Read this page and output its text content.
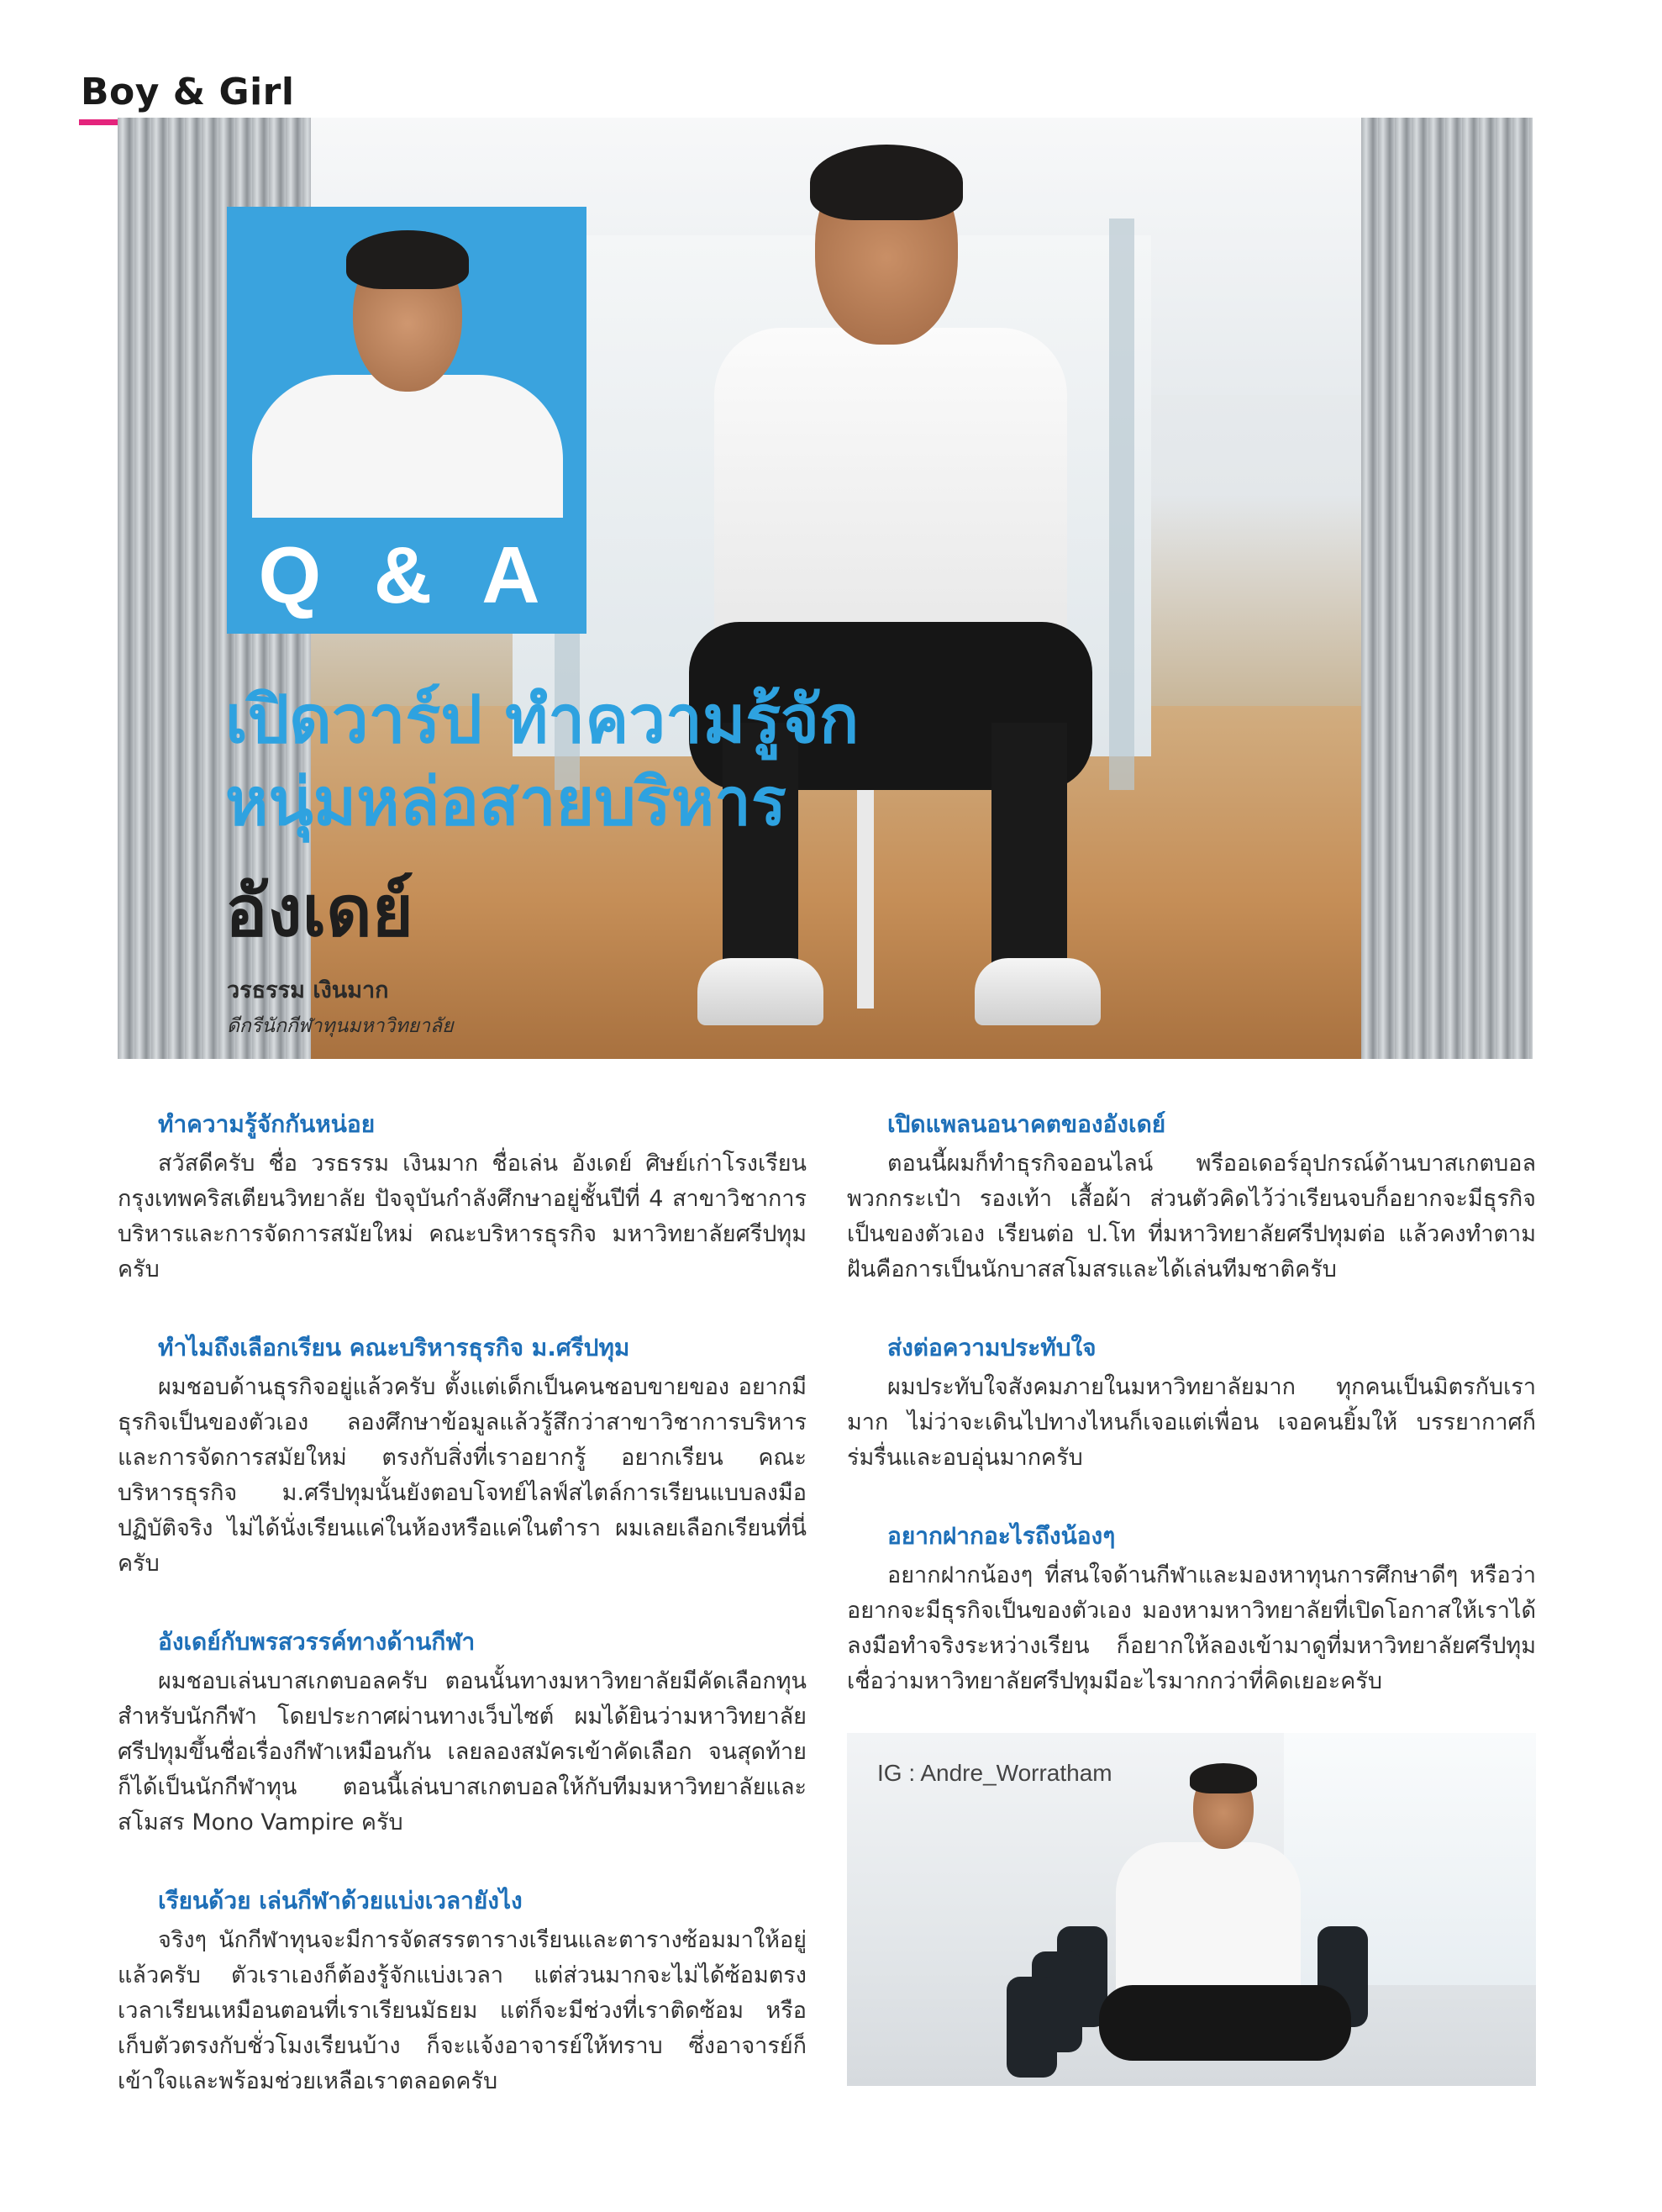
Boy & Girl
Q & A
เปิดวาร์ป ทำความรู้จัก
หนุ่มหล่อสายบริหาร
อังเดย์
วรธรรม เงินมาก
ดีกรีนักกีฬาทุนมหาวิทยาลัย

ทำความรู้จักกันหน่อย

สวัสดีครับ ชื่อ วรธรรม เงินมาก ชื่อเล่น อังเดย์ ศิษย์เก่าโรงเรียนกรุงเทพคริสเตียนวิทยาลัย ปัจจุบันกำลังศึกษาอยู่ชั้นปีที่ 4 สาขาวิชาการบริหารและการจัดการสมัยใหม่ คณะบริหารธุรกิจ มหาวิทยาลัยศรีปทุมครับ

ทำไมถึงเลือกเรียน คณะบริหารธุรกิจ ม.ศรีปทุม

ผมชอบด้านธุรกิจอยู่แล้วครับ ตั้งแต่เด็กเป็นคนชอบขายของ อยากมีธุรกิจเป็นของตัวเอง ลองศึกษาข้อมูลแล้วรู้สึกว่าสาขาวิชาการบริหารและการจัดการสมัยใหม่ ตรงกับสิ่งที่เราอยากรู้ อยากเรียน คณะบริหารธุรกิจ ม.ศรีปทุมนั้นยังตอบโจทย์ไลฟ์สไตล์การเรียนแบบลงมือปฏิบัติจริง ไม่ได้นั่งเรียนแค่ในห้องหรือแค่ในตำรา ผมเลยเลือกเรียนที่นี่ครับ

อังเดย์กับพรสวรรค์ทางด้านกีฬา

ผมชอบเล่นบาสเกตบอลครับ ตอนนั้นทางมหาวิทยาลัยมีคัดเลือกทุนสำหรับนักกีฬา โดยประกาศผ่านทางเว็บไซต์ ผมได้ยินว่ามหาวิทยาลัยศรีปทุมขึ้นชื่อเรื่องกีฬาเหมือนกัน เลยลองสมัครเข้าคัดเลือก จนสุดท้ายก็ได้เป็นนักกีฬาทุน ตอนนี้เล่นบาสเกตบอลให้กับทีมมหาวิทยาลัยและสโมสร Mono Vampire ครับ

เรียนด้วย เล่นกีฬาด้วยแบ่งเวลายังไง

จริงๆ นักกีฬาทุนจะมีการจัดสรรตารางเรียนและตารางซ้อมมาให้อยู่แล้วครับ ตัวเราเองก็ต้องรู้จักแบ่งเวลา แต่ส่วนมากจะไม่ได้ซ้อมตรงเวลาเรียนเหมือนตอนที่เราเรียนมัธยม แต่ก็จะมีช่วงที่เราติดซ้อม หรือเก็บตัวตรงกับชั่วโมงเรียนบ้าง ก็จะแจ้งอาจารย์ให้ทราบ ซึ่งอาจารย์ก็เข้าใจและพร้อมช่วยเหลือเราตลอดครับ

เปิดแพลนอนาคตของอังเดย์

ตอนนี้ผมก็ทำธุรกิจออนไลน์ พรีออเดอร์อุปกรณ์ด้านบาสเกตบอล พวกกระเป๋า รองเท้า เสื้อผ้า ส่วนตัวคิดไว้ว่าเรียนจบก็อยากจะมีธุรกิจเป็นของตัวเอง เรียนต่อ ป.โท ที่มหาวิทยาลัยศรีปทุมต่อ แล้วคงทำตามฝันคือการเป็นนักบาสสโมสรและได้เล่นทีมชาติครับ

ส่งต่อความประทับใจ

ผมประทับใจสังคมภายในมหาวิทยาลัยมาก ทุกคนเป็นมิตรกับเรามาก ไม่ว่าจะเดินไปทางไหนก็เจอแต่เพื่อน เจอคนยิ้มให้ บรรยากาศก็ร่มรื่นและอบอุ่นมากครับ

อยากฝากอะไรถึงน้องๆ

อยากฝากน้องๆ ที่สนใจด้านกีฬาและมองหาทุนการศึกษาดีๆ หรือว่าอยากจะมีธุรกิจเป็นของตัวเอง มองหามหาวิทยาลัยที่เปิดโอกาสให้เราได้ลงมือทำจริงระหว่างเรียน ก็อยากให้ลองเข้ามาดูที่มหาวิทยาลัยศรีปทุม เชื่อว่ามหาวิทยาลัยศรีปทุมมีอะไรมากกว่าที่คิดเยอะครับ

IG : Andre_Worratham
